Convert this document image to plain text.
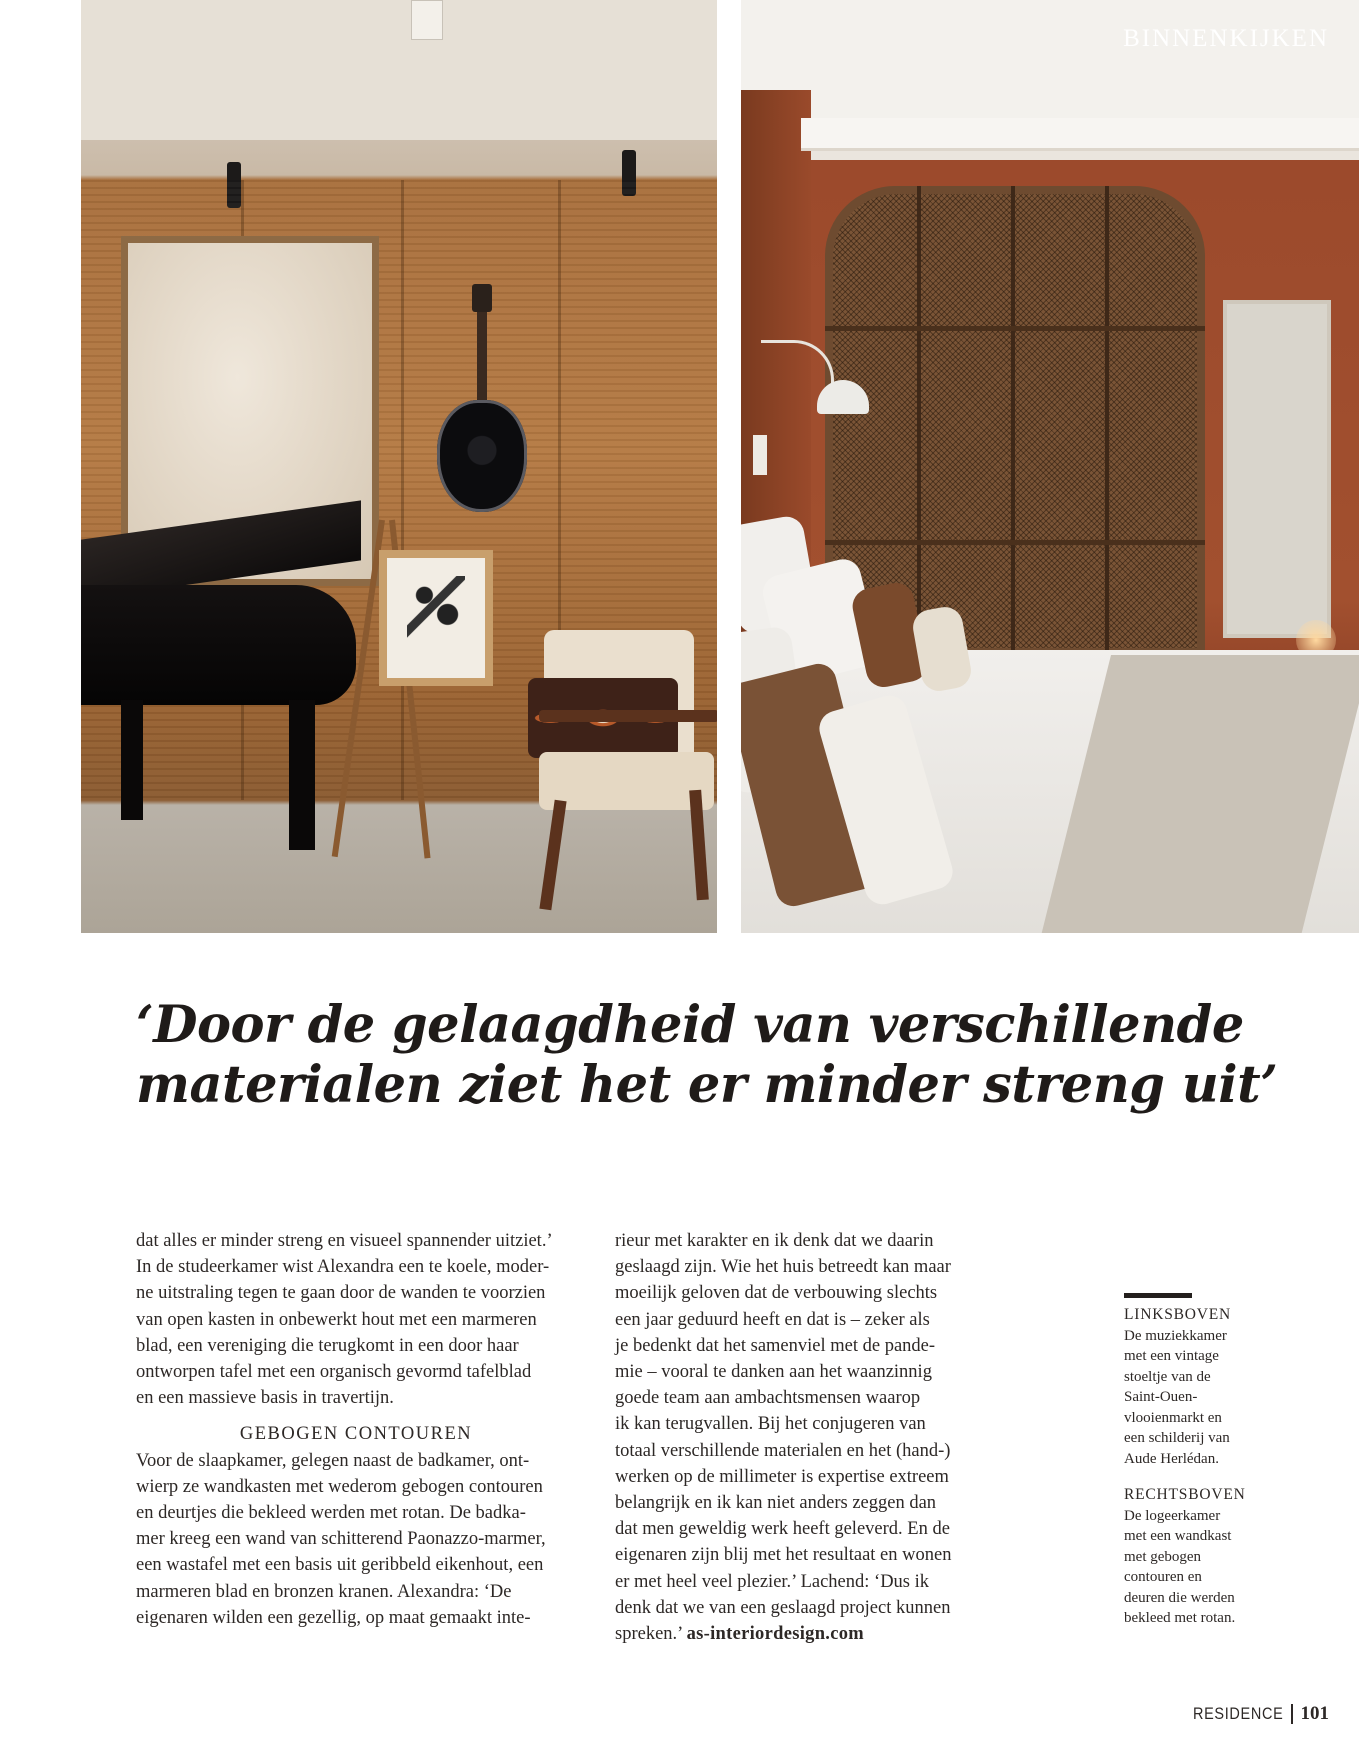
BINNENKIJKEN
‘Door de gelaagdheid van verschillende
materialen ziet het er minder streng uit’

dat alles er minder streng en visueel spannender uitziet.’

In de studeerkamer wist Alexandra een te koele, moder-

ne uitstraling tegen te gaan door de wanden te voorzien

van open kasten in onbewerkt hout met een marmeren

blad, een vereniging die terugkomt in een door haar

ontworpen tafel met een organisch gevormd tafelblad

en een massieve basis in travertijn.

GEBOGEN CONTOUREN

Voor de slaapkamer, gelegen naast de badkamer, ont-

wierp ze wandkasten met wederom gebogen contouren

en deurtjes die bekleed werden met rotan. De badka-

mer kreeg een wand van schitterend Paonazzo-marmer,

een wastafel met een basis uit geribbeld eikenhout, een

marmeren blad en bronzen kranen. Alexandra: ‘De

eigenaren wilden een gezellig, op maat gemaakt inte-

rieur met karakter en ik denk dat we daarin

geslaagd zijn. Wie het huis betreedt kan maar

moeilijk geloven dat de verbouwing slechts

een jaar geduurd heeft en dat is – zeker als

je bedenkt dat het samenviel met de pande-

mie – vooral te danken aan het waanzinnig

goede team aan ambachtsmensen waarop

ik kan terugvallen. Bij het conjugeren van

totaal verschillende materialen en het (hand-)

werken op de millimeter is expertise extreem

belangrijk en ik kan niet anders zeggen dan

dat men geweldig werk heeft geleverd. En de

eigenaren zijn blij met het resultaat en wonen

er met heel veel plezier.’ Lachend: ‘Dus ik

denk dat we van een geslaagd project kunnen

spreken.’ as-interiordesign.com

LINKSBOVEN

De muziekkamer

met een vintage

stoeltje van de

Saint-Ouen-

vlooienmarkt en

een schilderij van

Aude Herlédan.

RECHTSBOVEN

De logeerkamer

met een wandkast

met gebogen

contouren en

deuren die werden

bekleed met rotan.

RESIDENCE 101
